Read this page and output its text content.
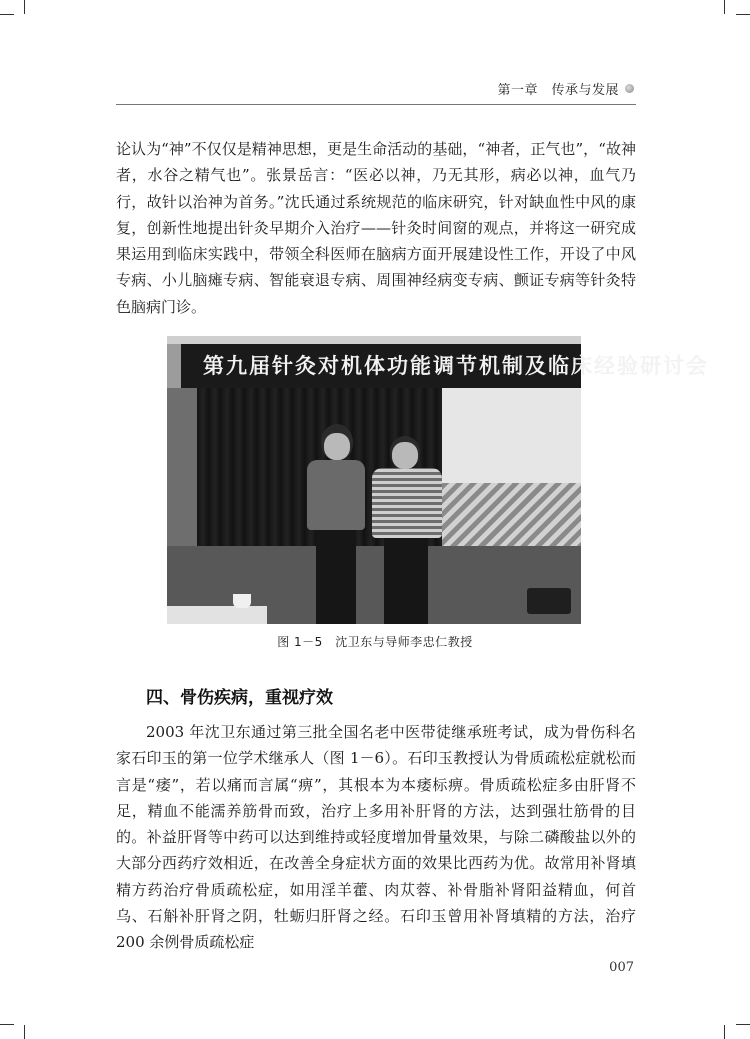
第一章　传承与发展

论认为“神”不仅仅是精神思想，更是生命活动的基础，“神者，正气也”，“故神者，水谷之精气也”。张景岳言：“医必以神，乃无其形，病必以神，血气乃行，故针以治神为首务。”沈氏通过系统规范的临床研究，针对缺血性中风的康复，创新性地提出针灸早期介入治疗——针灸时间窗的观点，并将这一研究成果运用到临床实践中，带领全科医师在脑病方面开展建设性工作，开设了中风专病、小儿脑瘫专病、智能衰退专病、周围神经病变专病、颤证专病等针灸特色脑病门诊。

第九届针灸对机体功能调节机制及临床经验研讨会
图 1－5　沈卫东与导师李忠仁教授
四、骨伤疾病，重视疗效

2003 年沈卫东通过第三批全国名老中医带徒继承班考试，成为骨伤科名家石印玉的第一位学术继承人（图 1－6）。石印玉教授认为骨质疏松症就松而言是“痿”，若以痛而言属“痹”，其根本为本痿标痹。骨质疏松症多由肝肾不足，精血不能濡养筋骨而致，治疗上多用补肝肾的方法，达到强壮筋骨的目的。补益肝肾等中药可以达到维持或轻度增加骨量效果，与除二磷酸盐以外的大部分西药疗效相近，在改善全身症状方面的效果比西药为优。故常用补肾填精方药治疗骨质疏松症，如用淫羊藿、肉苁蓉、补骨脂补肾阳益精血，何首乌、石斛补肝肾之阴，牡蛎归肝肾之经。石印玉曾用补肾填精的方法，治疗 200 余例骨质疏松症

007
